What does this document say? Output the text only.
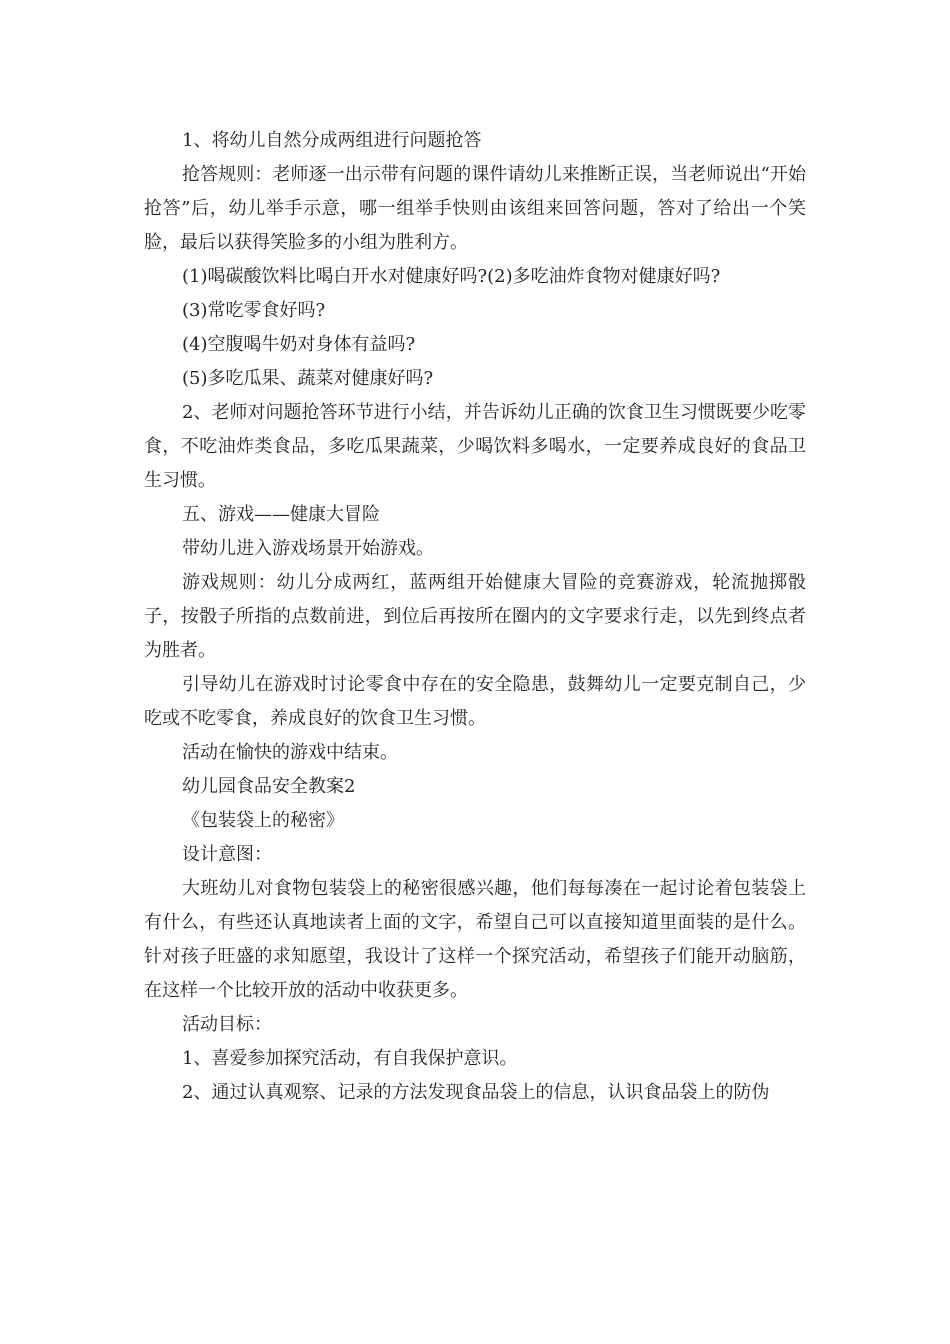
1、将幼儿自然分成两组进行问题抢答

抢答规则：老师逐一出示带有问题的课件请幼儿来推断正误，当老师说出“开始抢答”后，幼儿举手示意，哪一组举手快则由该组来回答问题，答对了给出一个笑脸，最后以获得笑脸多的小组为胜利方。

(1)喝碳酸饮料比喝白开水对健康好吗?(2)多吃油炸食物对健康好吗?

(3)常吃零食好吗?

(4)空腹喝牛奶对身体有益吗?

(5)多吃瓜果、蔬菜对健康好吗?

2、老师对问题抢答环节进行小结，并告诉幼儿正确的饮食卫生习惯既要少吃零食，不吃油炸类食品，多吃瓜果蔬菜，少喝饮料多喝水，一定要养成良好的食品卫生习惯。

五、游戏——健康大冒险

带幼儿进入游戏场景开始游戏。

游戏规则：幼儿分成两红，蓝两组开始健康大冒险的竞赛游戏，轮流抛掷骰子，按骰子所指的点数前进，到位后再按所在圈内的文字要求行走，以先到终点者为胜者。

引导幼儿在游戏时讨论零食中存在的安全隐患，鼓舞幼儿一定要克制自己，少吃或不吃零食，养成良好的饮食卫生习惯。

活动在愉快的游戏中结束。

幼儿园食品安全教案2

《包装袋上的秘密》

设计意图：

大班幼儿对食物包装袋上的秘密很感兴趣，他们每每凑在一起讨论着包装袋上有什么，有些还认真地读者上面的文字，希望自己可以直接知道里面装的是什么。针对孩子旺盛的求知愿望，我设计了这样一个探究活动，希望孩子们能开动脑筋，在这样一个比较开放的活动中收获更多。

活动目标：

1、喜爱参加探究活动，有自我保护意识。

2、通过认真观察、记录的方法发现食品袋上的信息，认识食品袋上的防伪
